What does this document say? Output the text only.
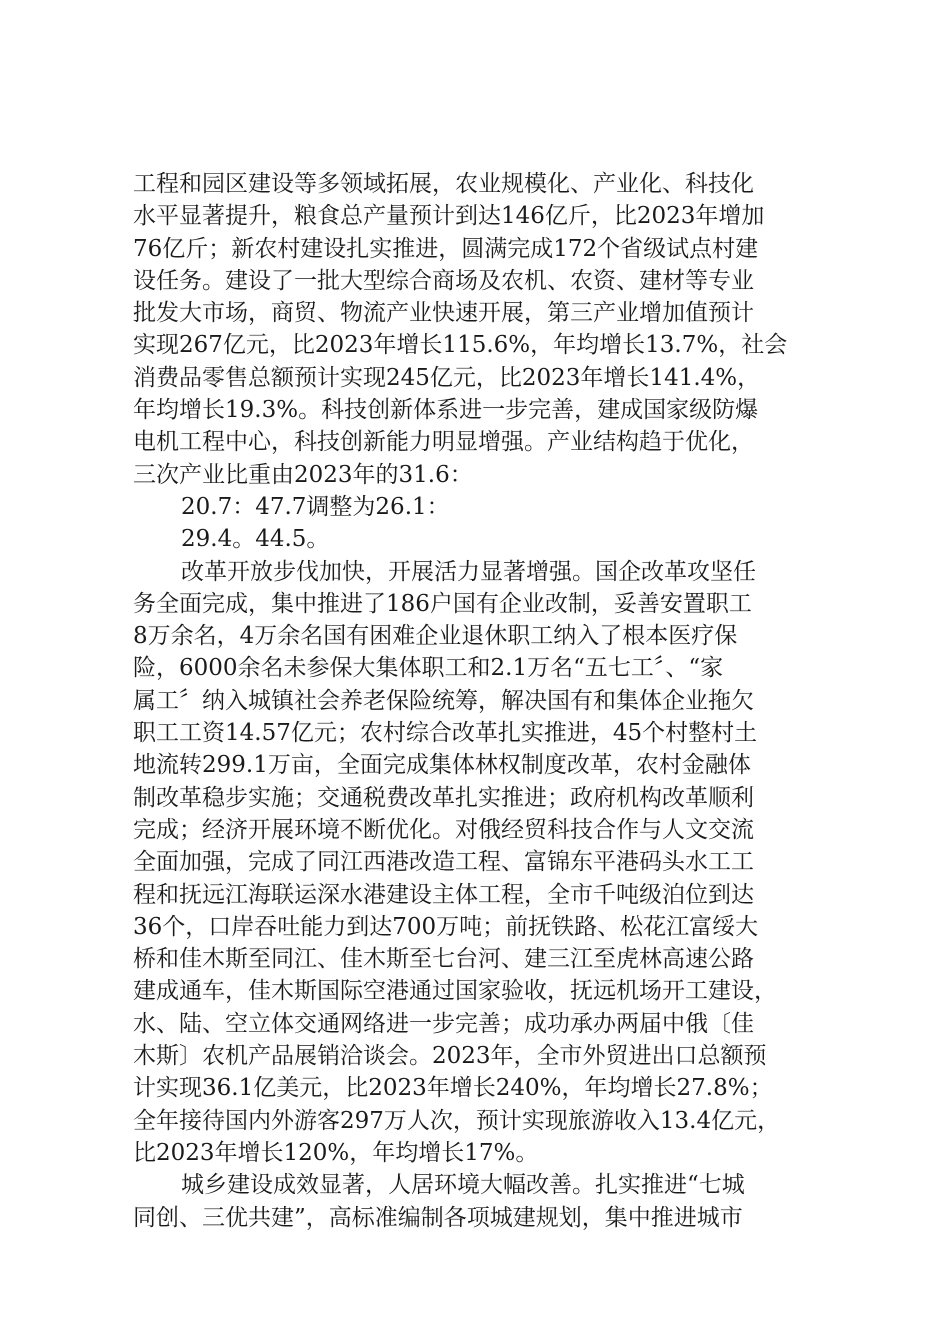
工程和园区建设等多领域拓展，农业规模化、产业化、科技化
水平显著提升，粮食总产量预计到达146亿斤，比2023年增加
76亿斤；新农村建设扎实推进，圆满完成172个省级试点村建
设任务。建设了一批大型综合商场及农机、农资、建材等专业
批发大市场，商贸、物流产业快速开展，第三产业增加值预计
实现267亿元，比2023年增长115.6%，年均增长13.7%，社会
消费品零售总额预计实现245亿元，比2023年增长141.4%，
年均增长19.3%。科技创新体系进一步完善，建成国家级防爆
电机工程中心，科技创新能力明显增强。产业结构趋于优化，
三次产业比重由2023年的31.6：
20.7：47.7调整为26.1：
29.4。44.5。
改革开放步伐加快，开展活力显著增强。国企改革攻坚任
务全面完成，集中推进了186户国有企业改制，妥善安置职工
8万余名，4万余名国有困难企业退休职工纳入了根本医疗保
险，6000余名未参保大集体职工和2.1万名“五七工〞、“家
属工〞纳入城镇社会养老保险统筹，解决国有和集体企业拖欠
职工工资14.57亿元；农村综合改革扎实推进，45个村整村土
地流转299.1万亩，全面完成集体林权制度改革，农村金融体
制改革稳步实施；交通税费改革扎实推进；政府机构改革顺利
完成；经济开展环境不断优化。对俄经贸科技合作与人文交流
全面加强，完成了同江西港改造工程、富锦东平港码头水工工
程和抚远江海联运深水港建设主体工程，全市千吨级泊位到达
36个，口岸吞吐能力到达700万吨；前抚铁路、松花江富绥大
桥和佳木斯至同江、佳木斯至七台河、建三江至虎林高速公路
建成通车，佳木斯国际空港通过国家验收，抚远机场开工建设，
水、陆、空立体交通网络进一步完善；成功承办两届中俄〔佳
木斯〕农机产品展销洽谈会。2023年，全市外贸进出口总额预
计实现36.1亿美元，比2023年增长240%，年均增长27.8%；
全年接待国内外游客297万人次，预计实现旅游收入13.4亿元，
比2023年增长120%，年均增长17%。
城乡建设成效显著，人居环境大幅改善。扎实推进“七城
同创、三优共建”，高标准编制各项城建规划，集中推进城市
